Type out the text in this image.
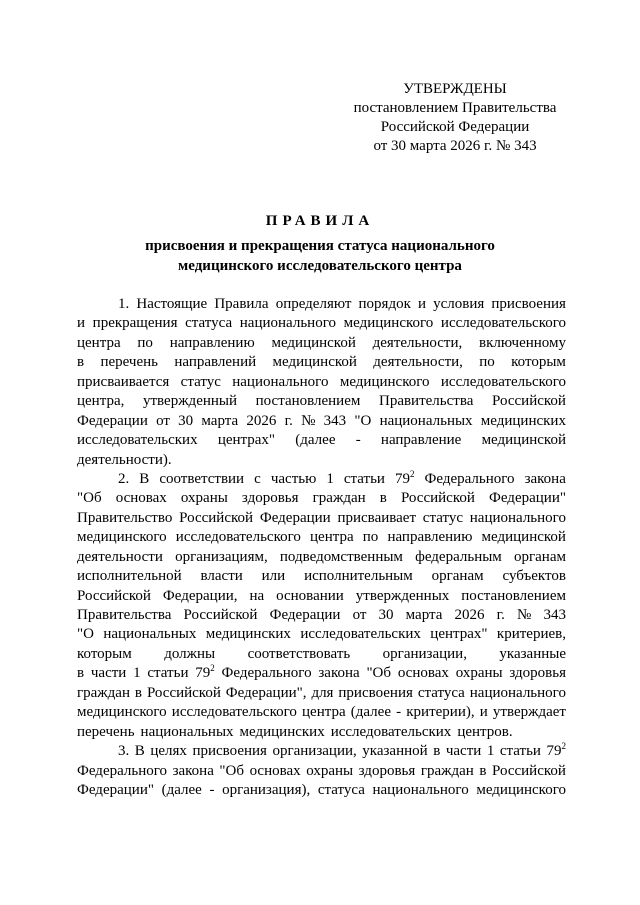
УТВЕРЖДЕНЫ
постановлением Правительства
Российской Федерации
от 30 марта 2026 г. № 343
ПРАВИЛА
присвоения и прекращения статуса национального
медицинского исследовательского центра
1. Настоящие Правила определяют порядок и условия присвоения
и прекращения статуса национального медицинского исследовательского
центра по направлению медицинской деятельности, включенному
в перечень направлений медицинской деятельности, по которым
присваивается статус национального медицинского исследовательского
центра, утвержденный постановлением Правительства Российской
Федерации от 30 марта 2026 г. № 343 "О национальных медицинских
исследовательских центрах" (далее - направление медицинской
деятельности).
2. В соответствии с частью 1 статьи $79^2$ Федерального закона
"Об основах охраны здоровья граждан в Российской Федерации"
Правительство Российской Федерации присваивает статус национального
медицинского исследовательского центра по направлению медицинской
деятельности организациям, подведомственным федеральным органам
исполнительной власти или исполнительным органам субъектов
Российской Федерации, на основании утвержденных постановлением
Правительства Российской Федерации от 30 марта 2026 г. № 343
"О национальных медицинских исследовательских центрах" критериев,
которым должны соответствовать организации, указанные
в части 1 статьи $79^2$ Федерального закона "Об основах охраны здоровья
граждан в Российской Федерации", для присвоения статуса национального
медицинского исследовательского центра (далее - критерии), и утверждает
перечень национальных медицинских исследовательских центров.
3. В целях присвоения организации, указанной в части 1 статьи $79^2$
Федерального закона "Об основах охраны здоровья граждан в Российской
Федерации" (далее - организация), статуса национального медицинского
